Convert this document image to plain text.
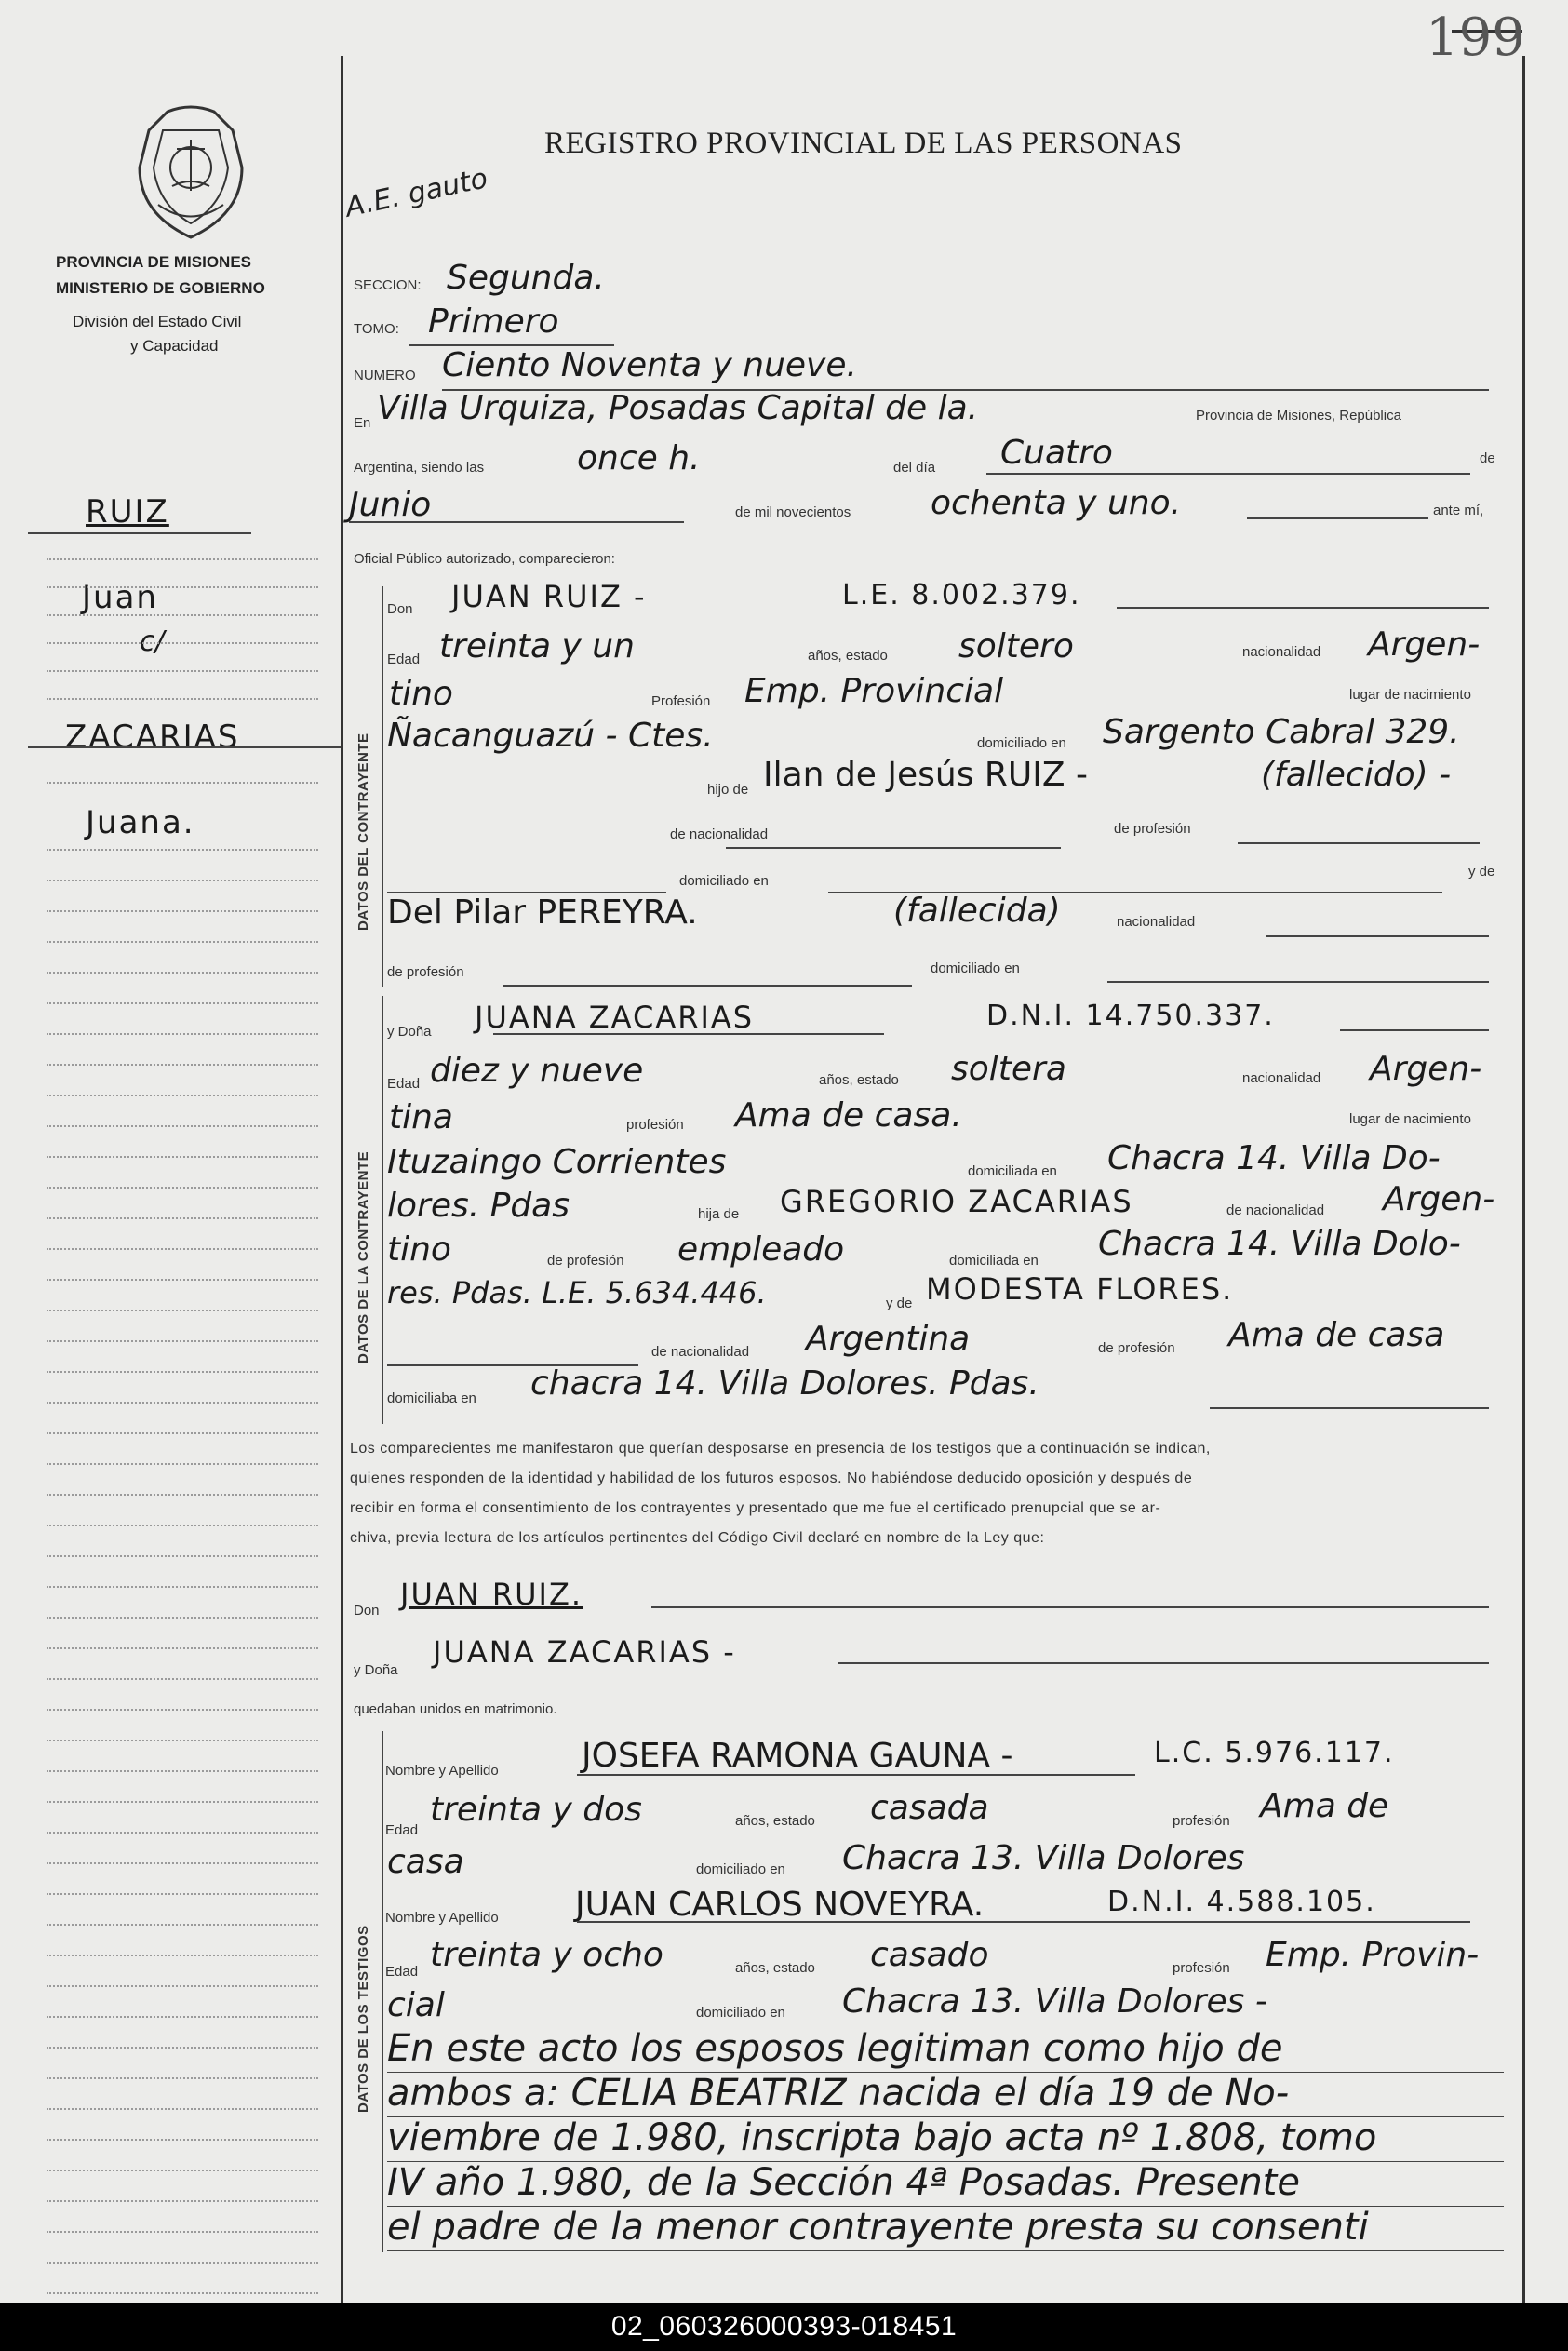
199
A.E. gauto
REGISTRO PROVINCIAL DE LAS PERSONAS
PROVINCIA DE MISIONES
MINISTERIO DE GOBIERNO
División del Estado Civil
y Capacidad
RUIZ
Juan
c/
ZACARIAS
Juana.
SECCION: Segunda.
TOMO: Primero
NUMERO Ciento Noventa y nueve.
En Villa Urquiza, Posadas Capital de la.	Provincia de Misiones, República
Argentina, siendo las	once h.	del día Cuatro	de
Junio	de mil novecientos ochenta y uno.	ante mí,
Oficial Público autorizado, comparecieron:
DATOS DEL CONTRAYENTE
Don JUAN RUIZ -	L.E. 8.002.379.
Edad treinta y un	años, estado soltero	nacionalidad Argen-
tino	Profesión Emp. Provincial	lugar de nacimiento
Ñacanguazú - Ctes.	domiciliado en Sargento Cabral 329.
hijo de Ilan de Jesús RUIZ -	(fallecido) -
de nacionalidad	de profesión
domiciliado en
y de
Del Pilar PEREYRA.	(fallecida)	nacionalidad
de profesión	domiciliado en
DATOS DE LA CONTRAYENTE
y Doña JUANA ZACARIAS	D.N.I. 14.750.337.
Edad diez y nueve	años, estado soltera	nacionalidad Argen-
tina	profesión Ama de casa.	lugar de nacimiento
Ituzaingo Corrientes	domiciliada en Chacra 14. Villa Do-
lores. Pdas	hija de GREGORIO ZACARIAS	de nacionalidad Argen-
tino	de profesión empleado	domiciliada en Chacra 14. Villa Dolo-
res. Pdas. L.E. 5.634.446.	y de MODESTA FLORES.
de nacionalidad Argentina	de profesión Ama de casa
domiciliaba en chacra 14. Villa Dolores. Pdas.
Los comparecientes me manifestaron que querían desposarse en presencia de los testigos que a continuación se indican,
quienes responden de la identidad y habilidad de los futuros esposos. No habiéndose deducido oposición y después de
recibir en forma el consentimiento de los contrayentes y presentado que me fue el certificado prenupcial que se ar-
chiva, previa lectura de los artículos pertinentes del Código Civil declaré en nombre de la Ley que:
Don JUAN RUIZ.
y Doña
JUANA ZACARIAS -
quedaban unidos en matrimonio.
DATOS DE LOS TESTIGOS
Nombre y Apellido JOSEFA RAMONA GAUNA -	L.C. 5.976.117.
Edad
treinta y dos	años, estado casada	profesión Ama de
casa	domiciliado en Chacra 13. Villa Dolores
Nombre y Apellido JUAN CARLOS NOVEYRA.	D.N.I. 4.588.105.
Edad treinta y ocho	años, estado casado	profesión Emp. Provin-
cial	domiciliado en Chacra 13. Villa Dolores -
En este acto los esposos legitiman como hijo de
ambos a: CELIA BEATRIZ nacida el día 19 de No-
viembre de 1.980, inscripta bajo acta nº 1.808, tomo
IV año 1.980, de la Sección 4ª Posadas. Presente
el padre de la menor contrayente presta su consenti
02_060326000393-018451
